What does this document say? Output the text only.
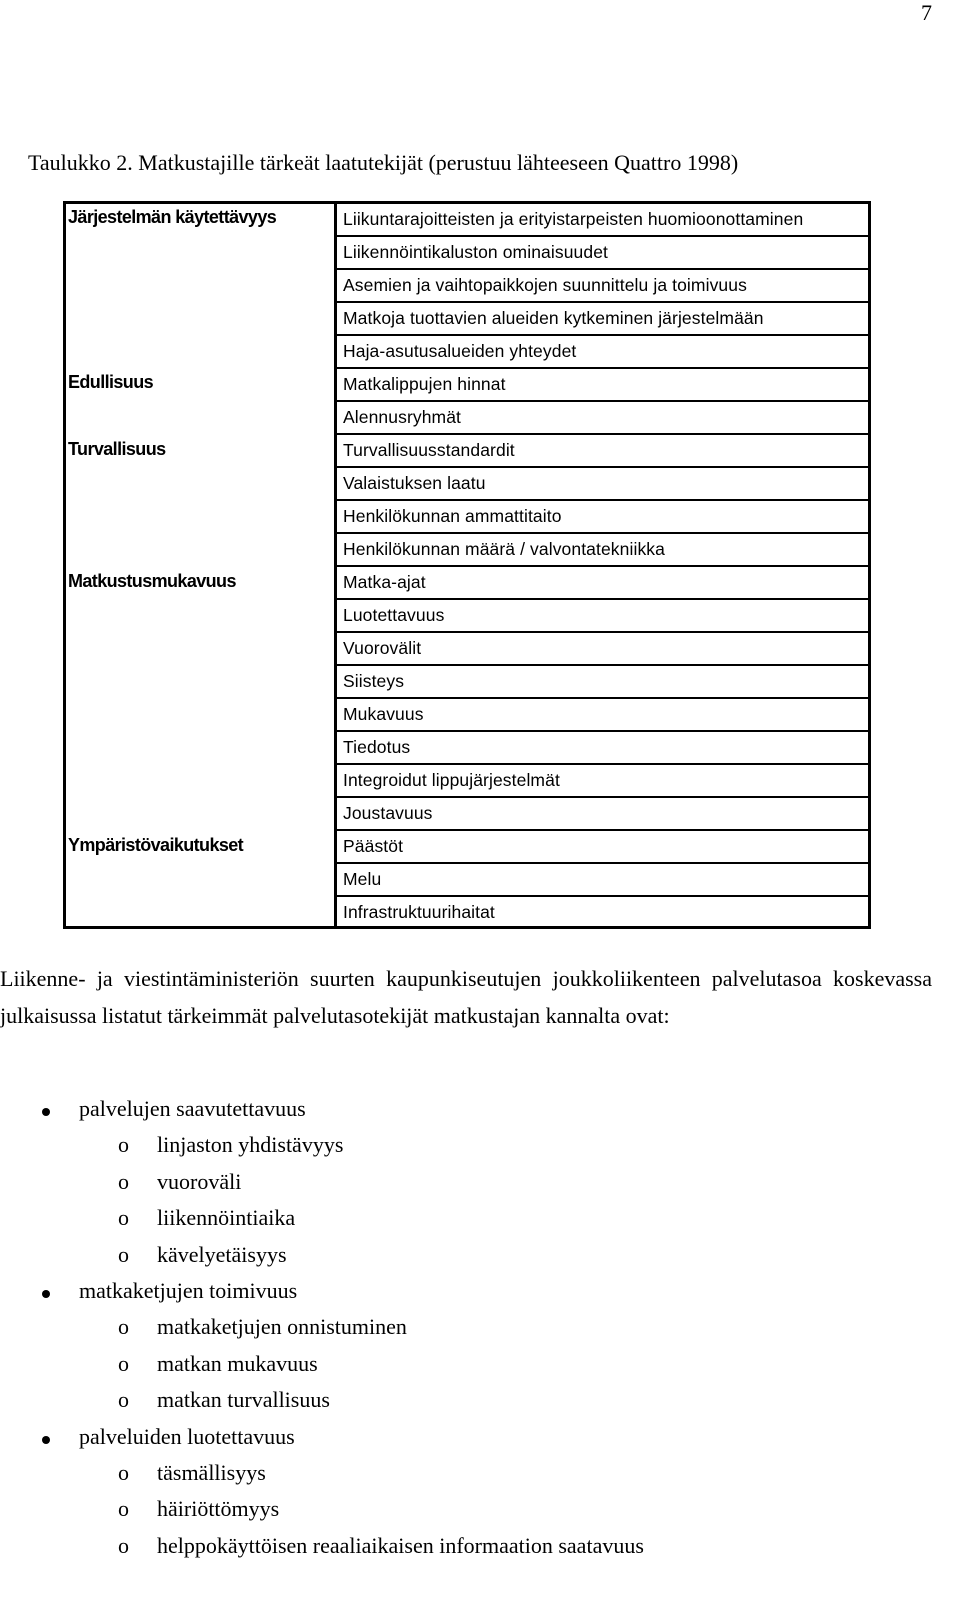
7
Taulukko 2. Matkustajille tärkeät laatutekijät (perustuu lähteeseen Quattro 1998)
Järjestelmän käytettävyys
Edullisuus
Turvallisuus
Matkustusmukavuus
Ympäristövaikutukset
Liikuntarajoitteisten ja erityistarpeisten huomioonottaminen
Liikennöintikaluston ominaisuudet
Asemien ja vaihtopaikkojen suunnittelu ja toimivuus
Matkoja tuottavien alueiden kytkeminen järjestelmään
Haja-asutusalueiden yhteydet
Matkalippujen hinnat
Alennusryhmät
Turvallisuusstandardit
Valaistuksen laatu
Henkilökunnan ammattitaito
Henkilökunnan määrä / valvontatekniikka
Matka-ajat
Luotettavuus
Vuorovälit
Siisteys
Mukavuus
Tiedotus
Integroidut lippujärjestelmät
Joustavuus
Päästöt
Melu
Infrastruktuurihaitat
Liikenne- ja viestintäministeriön suurten kaupunkiseutujen joukkoliikenteen palvelutasoa koskevassa julkaisussa listatut tärkeimmät palvelutasotekijät matkustajan kannalta ovat:
palvelujen saavutettavuus
o linjaston yhdistävyys
o vuoroväli
o liikennöintiaika
o kävelyetäisyys
matkaketjujen toimivuus
o matkaketjujen onnistuminen
o matkan mukavuus
o matkan turvallisuus
palveluiden luotettavuus
o täsmällisyys
o häiriöttömyys
o helppokäyttöisen reaaliaikaisen informaation saatavuus
